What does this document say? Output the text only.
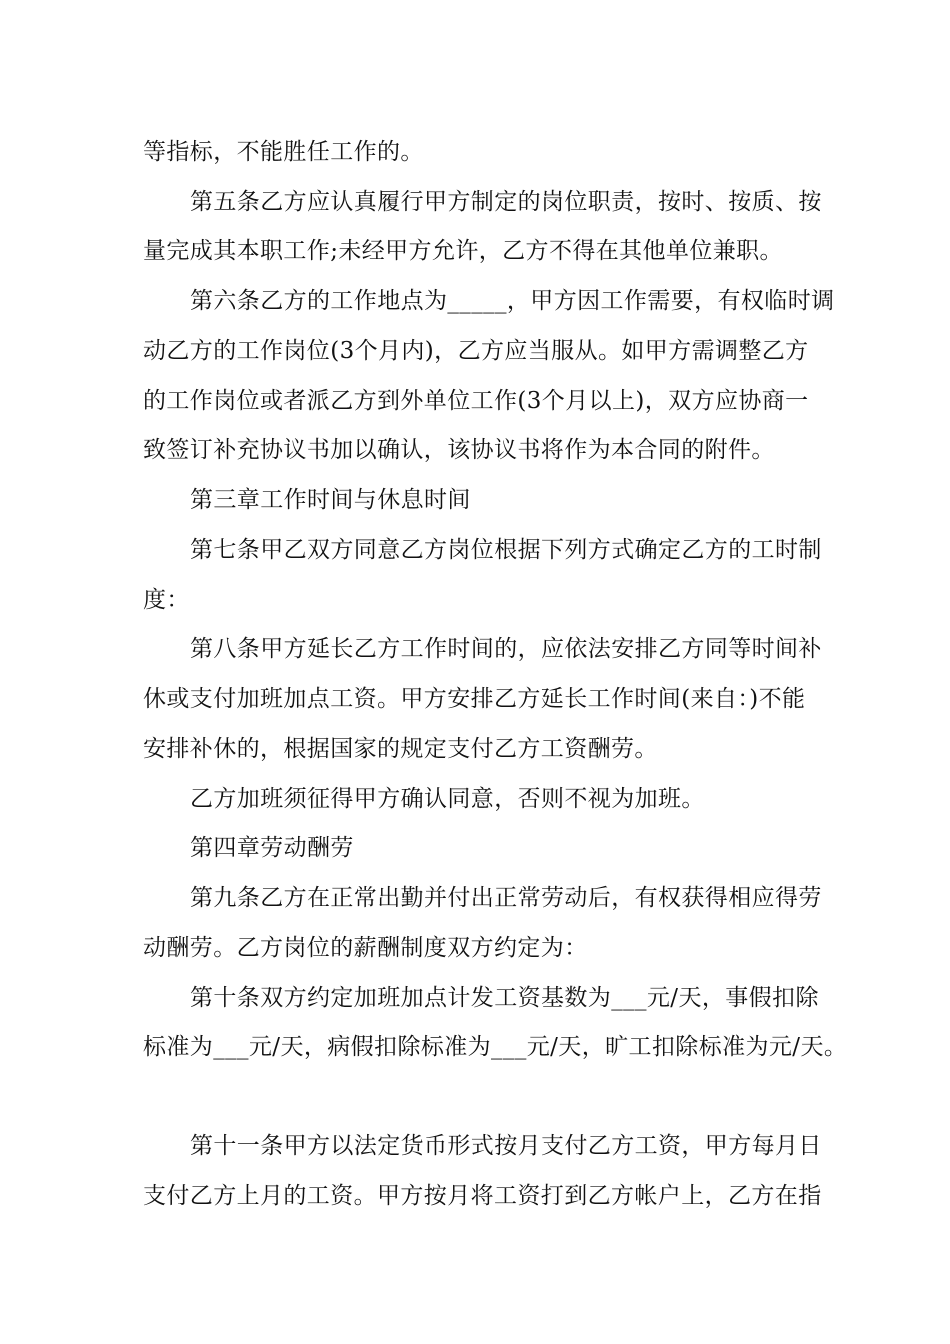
等指标，不能胜任工作的。
第五条乙方应认真履行甲方制定的岗位职责，按时、按质、按
量完成其本职工作;未经甲方允许，乙方不得在其他单位兼职。
第六条乙方的工作地点为_____，甲方因工作需要，有权临时调
动乙方的工作岗位(3个月内)，乙方应当服从。如甲方需调整乙方
的工作岗位或者派乙方到外单位工作(3个月以上)，双方应协商一
致签订补充协议书加以确认，该协议书将作为本合同的附件。
第三章工作时间与休息时间
第七条甲乙双方同意乙方岗位根据下列方式确定乙方的工时制
度：
第八条甲方延长乙方工作时间的，应依法安排乙方同等时间补
休或支付加班加点工资。甲方安排乙方延长工作时间(来自：)不能
安排补休的，根据国家的规定支付乙方工资酬劳。
乙方加班须征得甲方确认同意，否则不视为加班。
第四章劳动酬劳
第九条乙方在正常出勤并付出正常劳动后，有权获得相应得劳
动酬劳。乙方岗位的薪酬制度双方约定为：
第十条双方约定加班加点计发工资基数为___元/天，事假扣除
标准为___元/天，病假扣除标准为___元/天，旷工扣除标准为元/天。
第十一条甲方以法定货币形式按月支付乙方工资，甲方每月日
支付乙方上月的工资。甲方按月将工资打到乙方帐户上，乙方在指
